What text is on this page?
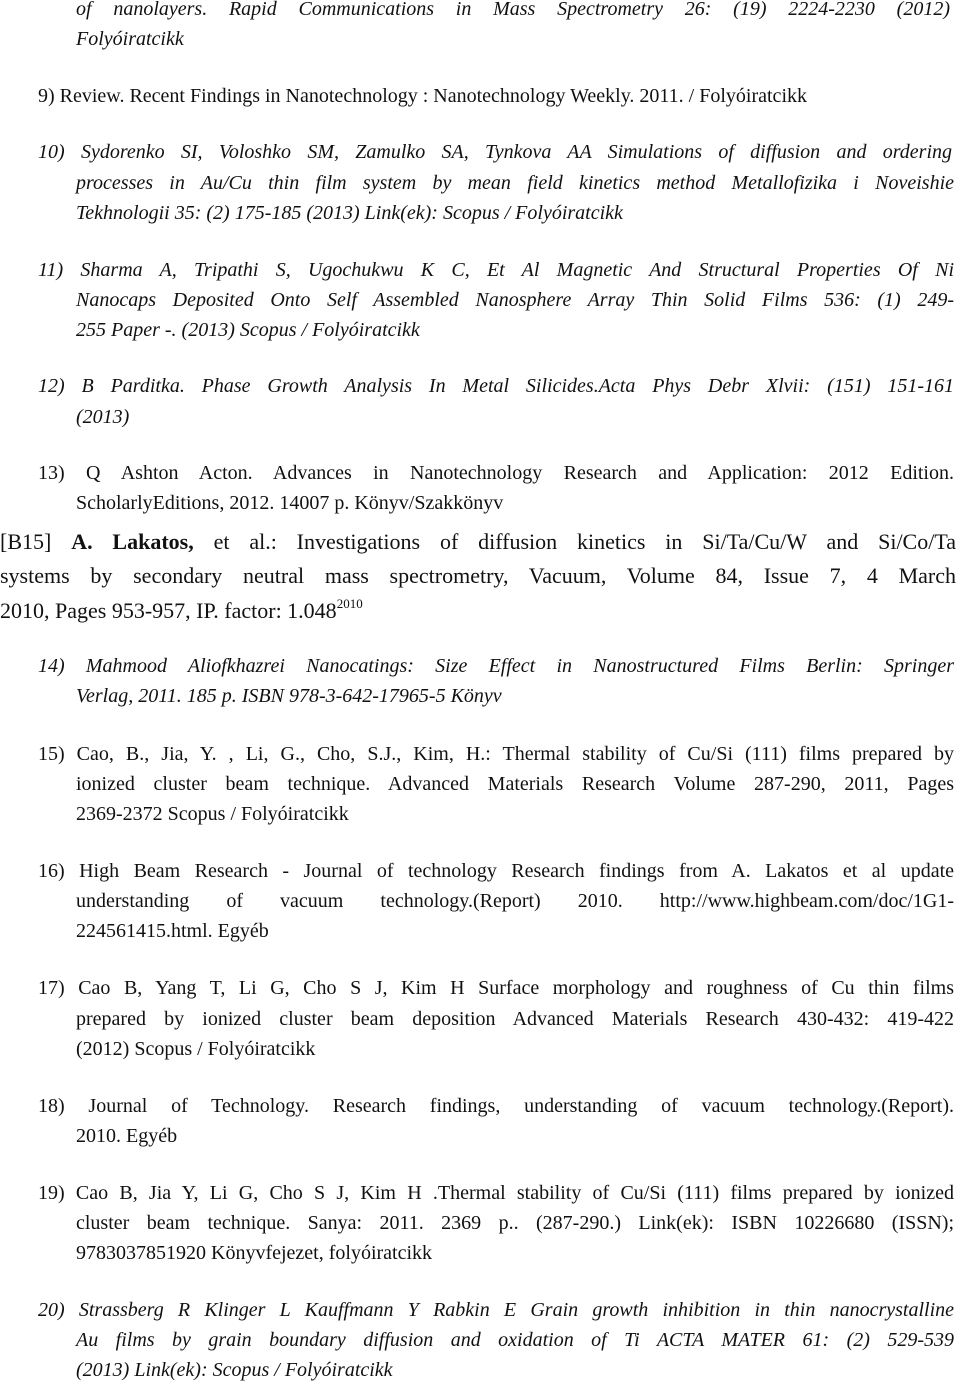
of nanolayers. Rapid Communications in Mass Spectrometry 26: (19) 2224-2230 (2012)
Folyóiratcikk
9) Review. Recent Findings in Nanotechnology : Nanotechnology Weekly. 2011. / Folyóiratcikk
10) Sydorenko SI, Voloshko SM, Zamulko SA, Tynkova AA Simulations of diffusion and ordering
processes in Au/Cu thin film system by mean field kinetics method Metallofizika i Noveishie
Tekhnologii 35: (2) 175-185 (2013) Link(ek): Scopus / Folyóiratcikk
11) Sharma A, Tripathi S, Ugochukwu K C, Et Al Magnetic And Structural Properties Of Ni
Nanocaps Deposited Onto Self Assembled Nanosphere Array Thin Solid Films 536: (1) 249-
255 Paper -. (2013) Scopus / Folyóiratcikk
12) B Parditka. Phase Growth Analysis In Metal Silicides.Acta Phys Debr Xlvii: (151) 151-161
(2013)
13) Q Ashton Acton. Advances in Nanotechnology Research and Application: 2012 Edition.
ScholarlyEditions, 2012. 14007 p. Könyv/Szakkönyv
[B15] A. Lakatos, et al.: Investigations of diffusion kinetics in Si/Ta/Cu/W and Si/Co/Ta
systems by secondary neutral mass spectrometry, Vacuum, Volume 84, Issue 7, 4 March
2010, Pages 953-957, IP. factor: $1.048^{2010}$
14) Mahmood Aliofkhazrei Nanocatings: Size Effect in Nanostructured Films Berlin: Springer
Verlag, 2011. 185 p. ISBN 978-3-642-17965-5 Könyv
15) Cao, B., Jia, Y. , Li, G., Cho, S.J., Kim, H.: Thermal stability of Cu/Si (111) films prepared by
ionized cluster beam technique. Advanced Materials Research Volume 287-290, 2011, Pages
2369-2372 Scopus / Folyóiratcikk
16) High Beam Research - Journal of technology Research findings from A. Lakatos et al update
understanding of vacuum technology.(Report) 2010. http://www.highbeam.com/doc/1G1-
224561415.html. Egyéb
17) Cao B, Yang T, Li G, Cho S J, Kim H Surface morphology and roughness of Cu thin films
prepared by ionized cluster beam deposition Advanced Materials Research 430-432: 419-422
(2012) Scopus / Folyóiratcikk
18) Journal of Technology. Research findings, understanding of vacuum technology.(Report).
2010. Egyéb
19) Cao B, Jia Y, Li G, Cho S J, Kim H .Thermal stability of Cu/Si (111) films prepared by ionized
cluster beam technique. Sanya: 2011. 2369 p.. (287-290.) Link(ek): ISBN 10226680 (ISSN);
9783037851920 Könyvfejezet, folyóiratcikk
20) Strassberg R Klinger L Kauffmann Y Rabkin E Grain growth inhibition in thin nanocrystalline
Au films by grain boundary diffusion and oxidation of Ti ACTA MATER 61: (2) 529-539
(2013) Link(ek): Scopus / Folyóiratcikk
